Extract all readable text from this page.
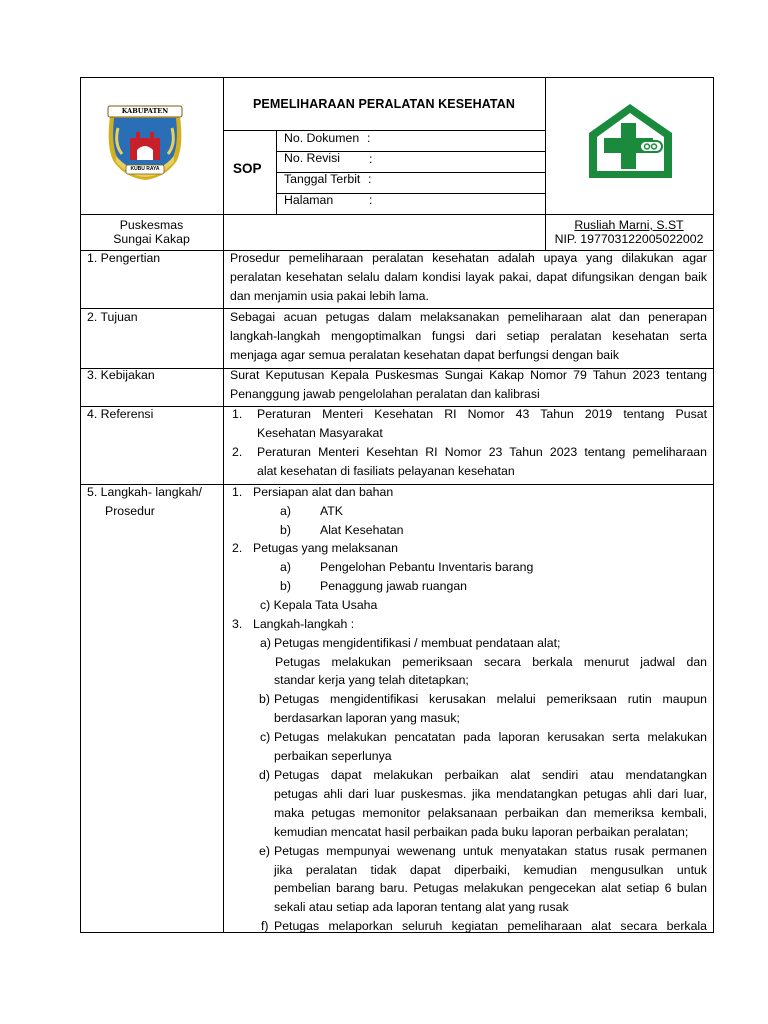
KABUPATEN
KUBU RAYA
PEMELIHARAAN PERALATAN KESEHATAN
SOP
No. Dokumen :
No. Revisi :
Tanggal Terbit :
Halaman	:
Puskesmas
Sungai Kakap
Rusliah Marni, S.ST
NIP. 197703122005022002
1. Pengertian	Prosedur pemeliharaan peralatan kesehatan adalah upaya yang dilakukan agar
peralatan kesehatan selalu dalam kondisi layak pakai, dapat difungsikan dengan baik
dan menjamin usia pakai lebih lama.
2. Tujuan	Sebagai acuan petugas dalam melaksanakan pemeliharaan alat dan penerapan
langkah-langkah mengoptimalkan fungsi dari setiap peralatan kesehatan serta
menjaga agar semua peralatan kesehatan dapat berfungsi dengan baik
3. Kebijakan	Surat Keputusan Kepala Puskesmas Sungai Kakap Nomor 79 Tahun 2023 tentang
Penanggung jawab pengelolahan peralatan dan kalibrasi
4. Referensi	1. Peraturan Menteri Kesehatan RI Nomor 43 Tahun 2019 tentang Pusat
Kesehatan Masyarakat
2. Peraturan Menteri Kesehtan RI Nomor 23 Tahun 2023 tentang pemeliharaan
alat kesehatan di fasiliats pelayanan kesehatan
5. Langkah- langkah/
Prosedur
1. Persiapan alat dan bahan
a) ATK
b) Alat Kesehatan
2. Petugas yang melaksanan
a) Pengelohan Pebantu Inventaris barang
b) Penaggung jawab ruangan
c) Kepala Tata Usaha
3. Langkah-langkah :
a) Petugas mengidentifikasi / membuat pendataan alat;
Petugas melakukan pemeriksaan secara berkala menurut jadwal dan
standar kerja yang telah ditetapkan;
b) Petugas mengidentifikasi kerusakan melalui pemeriksaan rutin maupun
berdasarkan laporan yang masuk;
c) Petugas melakukan pencatatan pada laporan kerusakan serta melakukan
perbaikan seperlunya
d) Petugas dapat melakukan perbaikan alat sendiri atau mendatangkan
petugas ahli dari luar puskesmas. jika mendatangkan petugas ahli dari luar,
maka petugas memonitor pelaksanaan perbaikan dan memeriksa kembali,
kemudian mencatat hasil perbaikan pada buku laporan perbaikan peralatan;
e) Petugas mempunyai wewenang untuk menyatakan status rusak permanen
jika peralatan tidak dapat diperbaiki, kemudian mengusulkan untuk
pembelian barang baru. Petugas melakukan pengecekan alat setiap 6 bulan
sekali atau setiap ada laporan tentang alat yang rusak
f) Petugas melaporkan seluruh kegiatan pemeliharaan alat secara berkala
